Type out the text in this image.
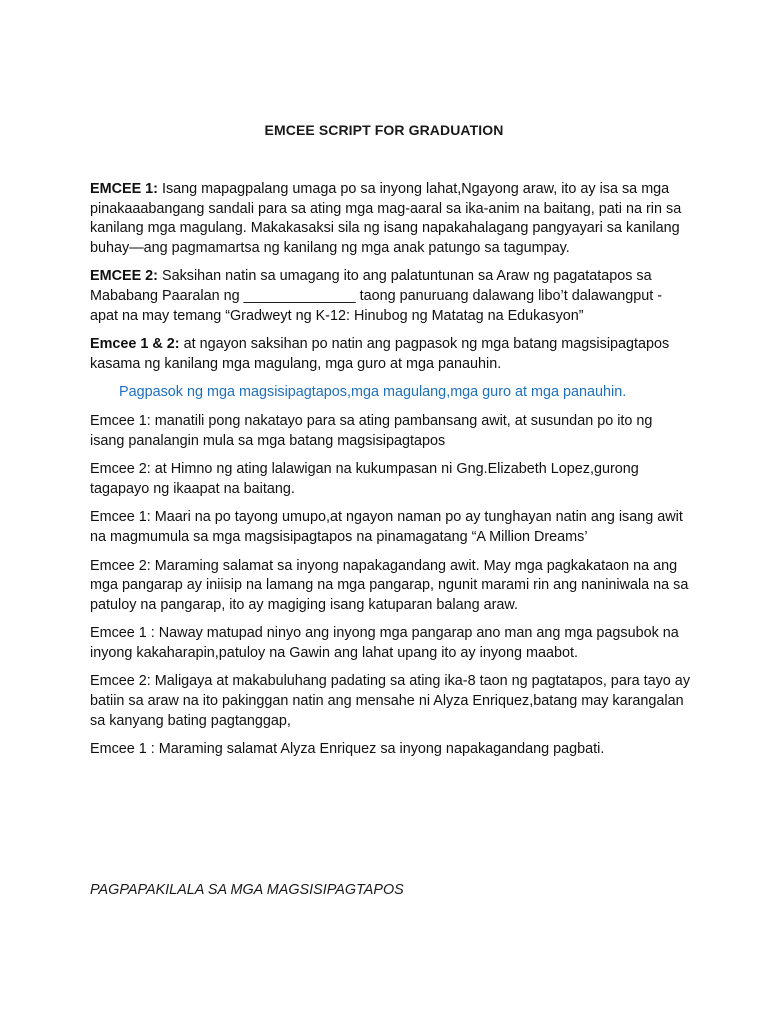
EMCEE SCRIPT FOR GRADUATION

EMCEE 1: Isang mapagpalang umaga po sa inyong lahat,Ngayong araw, ito ay isa sa mga pinakaaabangang sandali para sa ating mga mag-aaral sa ika-anim na baitang, pati na rin sa kanilang mga magulang. Makakasaksi sila ng isang napakahalagang pangyayari sa kanilang buhay—ang pagmamartsa ng kanilang ng mga anak patungo sa tagumpay.

EMCEE 2: Saksihan natin sa umagang ito ang palatuntunan sa Araw ng pagatatapos sa Mababang Paaralan ng ______________ taong panuruang dalawang libo’t dalawangput -apat na may temang “Gradweyt ng K-12: Hinubog ng Matatag na Edukasyon”

Emcee 1 & 2: at ngayon saksihan po natin ang pagpasok ng mga batang magsisipagtapos kasama ng kanilang mga magulang, mga guro at mga panauhin.

Pagpasok ng mga magsisipagtapos,mga magulang,mga guro at mga panauhin.

Emcee 1: manatili pong nakatayo para sa ating pambansang awit, at susundan po ito ng isang panalangin mula sa mga batang magsisipagtapos

Emcee 2: at Himno ng ating lalawigan na kukumpasan ni Gng.Elizabeth Lopez,gurong tagapayo ng ikaapat na baitang.

Emcee 1: Maari na po tayong umupo,at ngayon naman po ay tunghayan natin ang isang awit na magmumula sa mga magsisipagtapos na pinamagatang “A Million Dreams’

Emcee 2: Maraming salamat sa inyong napakagandang awit. May mga pagkakataon na ang mga pangarap ay iniisip na lamang na mga pangarap, ngunit marami rin ang naniniwala na sa patuloy na pangarap, ito ay magiging isang katuparan balang araw.

Emcee 1 : Naway matupad ninyo ang inyong mga pangarap ano man ang mga pagsubok na inyong kakaharapin,patuloy na Gawin ang lahat upang ito ay inyong maabot.

Emcee 2: Maligaya at makabuluhang padating sa ating ika-8 taon ng pagtatapos, para tayo ay batiin sa araw na ito pakinggan natin ang mensahe ni Alyza Enriquez,batang may karangalan sa kanyang bating pagtanggap,

Emcee 1 : Maraming salamat Alyza Enriquez sa inyong napakagandang pagbati.

PAGPAPAKILALA SA MGA MAGSISIPAGTAPOS
